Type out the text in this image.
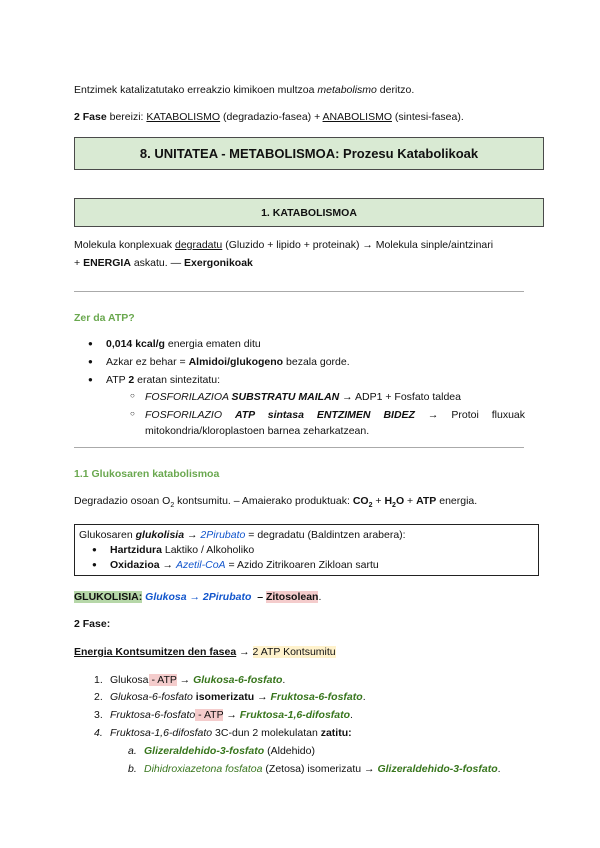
Entzimek katalizatutako erreakzio kimikoen multzoa metabolismo deritzo.

2 Fase bereizi: KATABOLISMO (degradazio-fasea) + ANABOLISMO (sintesi-fasea).

8. UNITATEA - METABOLISMOA: Prozesu Katabolikoak
1. KATABOLISMOA

Molekula konplexuak degradatu (Gluzido + lipido + proteinak) → Molekula sinple/aintzinari

+ ENERGIA askatu. — Exergonikoak

Zer da ATP?

● 0,014 kcal/g energia ematen ditu

● Azkar ez behar = Almidoi/glukogeno bezala gorde.

● ATP 2 eratan sintezitatu:

○ FOSFORILAZIOA SUBSTRATU MAILAN → ADP1 + Fosfato taldea

○ FOSFORILAZIO ATP sintasa ENTZIMEN BIDEZ → Protoi fluxuak mitokondria/kloroplastoen barnea zeharkatzean.

1.1 Glukosaren katabolismoa

Degradazio osoan $O_2$ kontsumitu. – Amaierako produktuak: $CO_2 + H_2O$ + ATP energia.

Glukosaren glukolisia → 2Pirubato = degradatu (Baldintzen arabera):

● Hartzidura Laktiko / Alkoholiko

● Oxidazioa → Azetil-CoA = Azido Zitrikoaren Zikloan sartu

GLUKOLISIA: Glukosa → 2Pirubato  – Zitosolean.

2 Fase:

Energia Kontsumitzen den fasea → 2 ATP Kontsumitu

1. Glukosa - ATP → Glukosa-6-fosfato.

2. Glukosa-6-fosfato isomerizatu → Fruktosa-6-fosfato.

3. Fruktosa-6-fosfato - ATP → Fruktosa-1,6-difosfato.

4. Fruktosa-1,6-difosfato 3C-dun 2 molekulatan zatitu:

a. Glizeraldehido-3-fosfato (Aldehido)

b. Dihidroxiazetona fosfatoa (Zetosa) isomerizatu → Glizeraldehido-3-fosfato.
